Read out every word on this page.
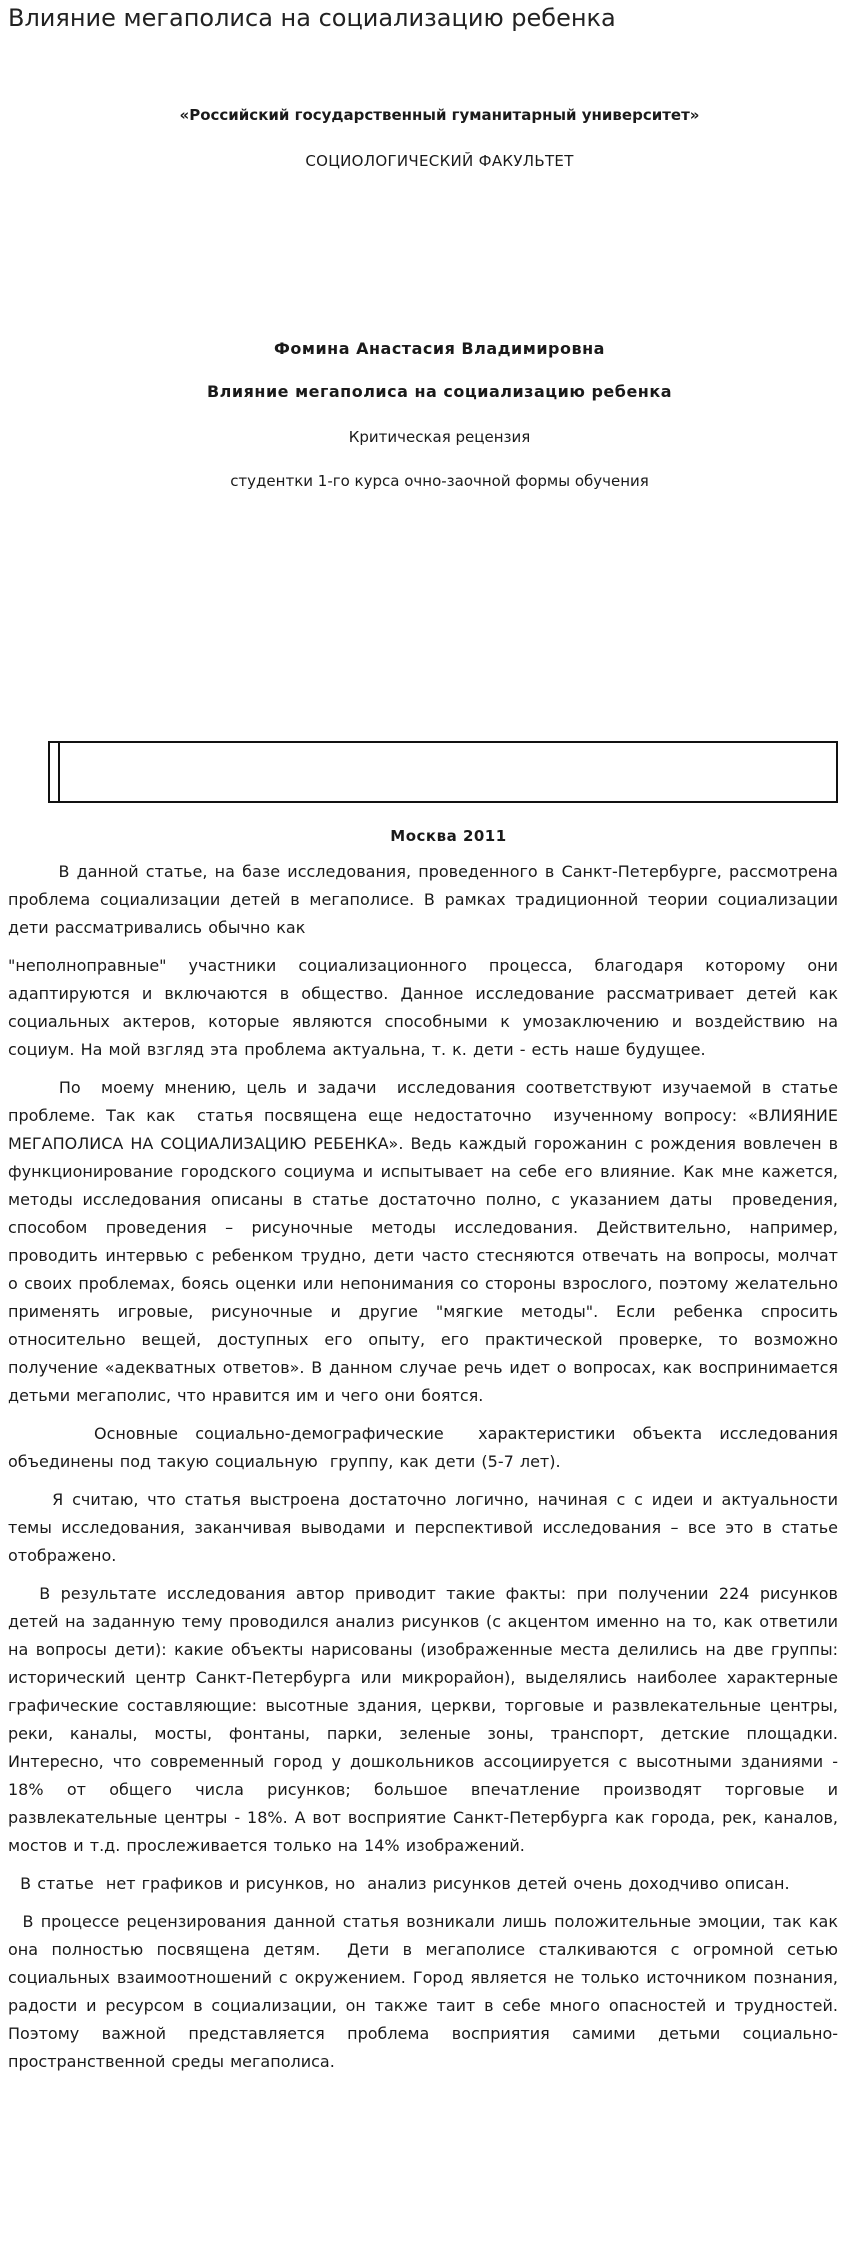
Влияние мегаполиса на социализацию ребенка
«Российский государственный гуманитарный университет»
СОЦИОЛОГИЧЕСКИЙ ФАКУЛЬТЕТ
Фомина Анастасия Владимировна
Влияние мегаполиса на социализацию ребенка
Критическая рецензия
студентки 1-го курса очно-заочной формы обучения
Москва 2011

В данной статье, на базе исследования, проведенного в Санкт-Петербурге, рассмотрена проблема социализации детей в мегаполисе. В рамках традиционной теории социализации дети рассматривались обычно как

"неполноправные" участники социализационного процесса, благодаря которому они адаптируются и включаются в общество. Данное исследование рассматривает детей как социальных актеров, которые являются способными к умозаключению и воздействию на социум. На мой взгляд эта проблема актуальна, т. к. дети - есть наше будущее.

По  моему мнению, цель и задачи  исследования соответствуют изучаемой в статье проблеме. Так как  статья посвящена еще недостаточно  изученному вопросу: «ВЛИЯНИЕ МЕГАПОЛИСА НА СОЦИАЛИЗАЦИЮ РЕБЕНКА». Ведь каждый горожанин с рождения вовлечен в функционирование городского социума и испытывает на себе его влияние. Как мне кажется, методы исследования описаны в статье достаточно полно, с указанием даты  проведения, способом проведения – рисуночные методы исследования. Действительно, например, проводить интервью с ребенком трудно, дети часто стесняются отвечать на вопросы, молчат о своих проблемах, боясь оценки или непонимания со стороны взрослого, поэтому желательно применять игровые, рисуночные и другие "мягкие методы". Если ребенка спросить относительно вещей, доступных его опыту, его практической проверке, то возможно получение «адекватных ответов». В данном случае речь идет о вопросах, как воспринимается детьми мегаполис, что нравится им и чего они боятся.

Основные социально-демографические  характеристики объекта исследования объединены под такую социальную  группу, как дети (5-7 лет).

Я считаю, что статья выстроена достаточно логично, начиная с с идеи и актуальности темы исследования, заканчивая выводами и перспективой исследования – все это в статье отображено.

В результате исследования автор приводит такие факты: при получении 224 рисунков детей на заданную тему проводился анализ рисунков (с акцентом именно на то, как ответили на вопросы дети): какие объекты нарисованы (изображенные места делились на две группы: исторический центр Санкт-Петербурга или микрорайон), выделялись наиболее характерные графические составляющие: высотные здания, церкви, торговые и развлекательные центры, реки, каналы, мосты, фонтаны, парки, зеленые зоны, транспорт, детские площадки. Интересно, что современный город у дошкольников ассоциируется с высотными зданиями - 18% от общего числа рисунков; большое впечатление производят торговые и развлекательные центры - 18%. А вот восприятие Санкт-Петербурга как города, рек, каналов, мостов и т.д. прослеживается только на 14% изображений.

В статье  нет графиков и рисунков, но  анализ рисунков детей очень доходчиво описан.

В процессе рецензирования данной статья возникали лишь положительные эмоции, так как она полностью посвящена детям.  Дети в мегаполисе сталкиваются с огромной сетью социальных взаимоотношений с окружением. Город является не только источником познания, радости и ресурсом в социализации, он также таит в себе много опасностей и трудностей. Поэтому важной представляется проблема восприятия самими детьми социально-пространственной среды мегаполиса.
